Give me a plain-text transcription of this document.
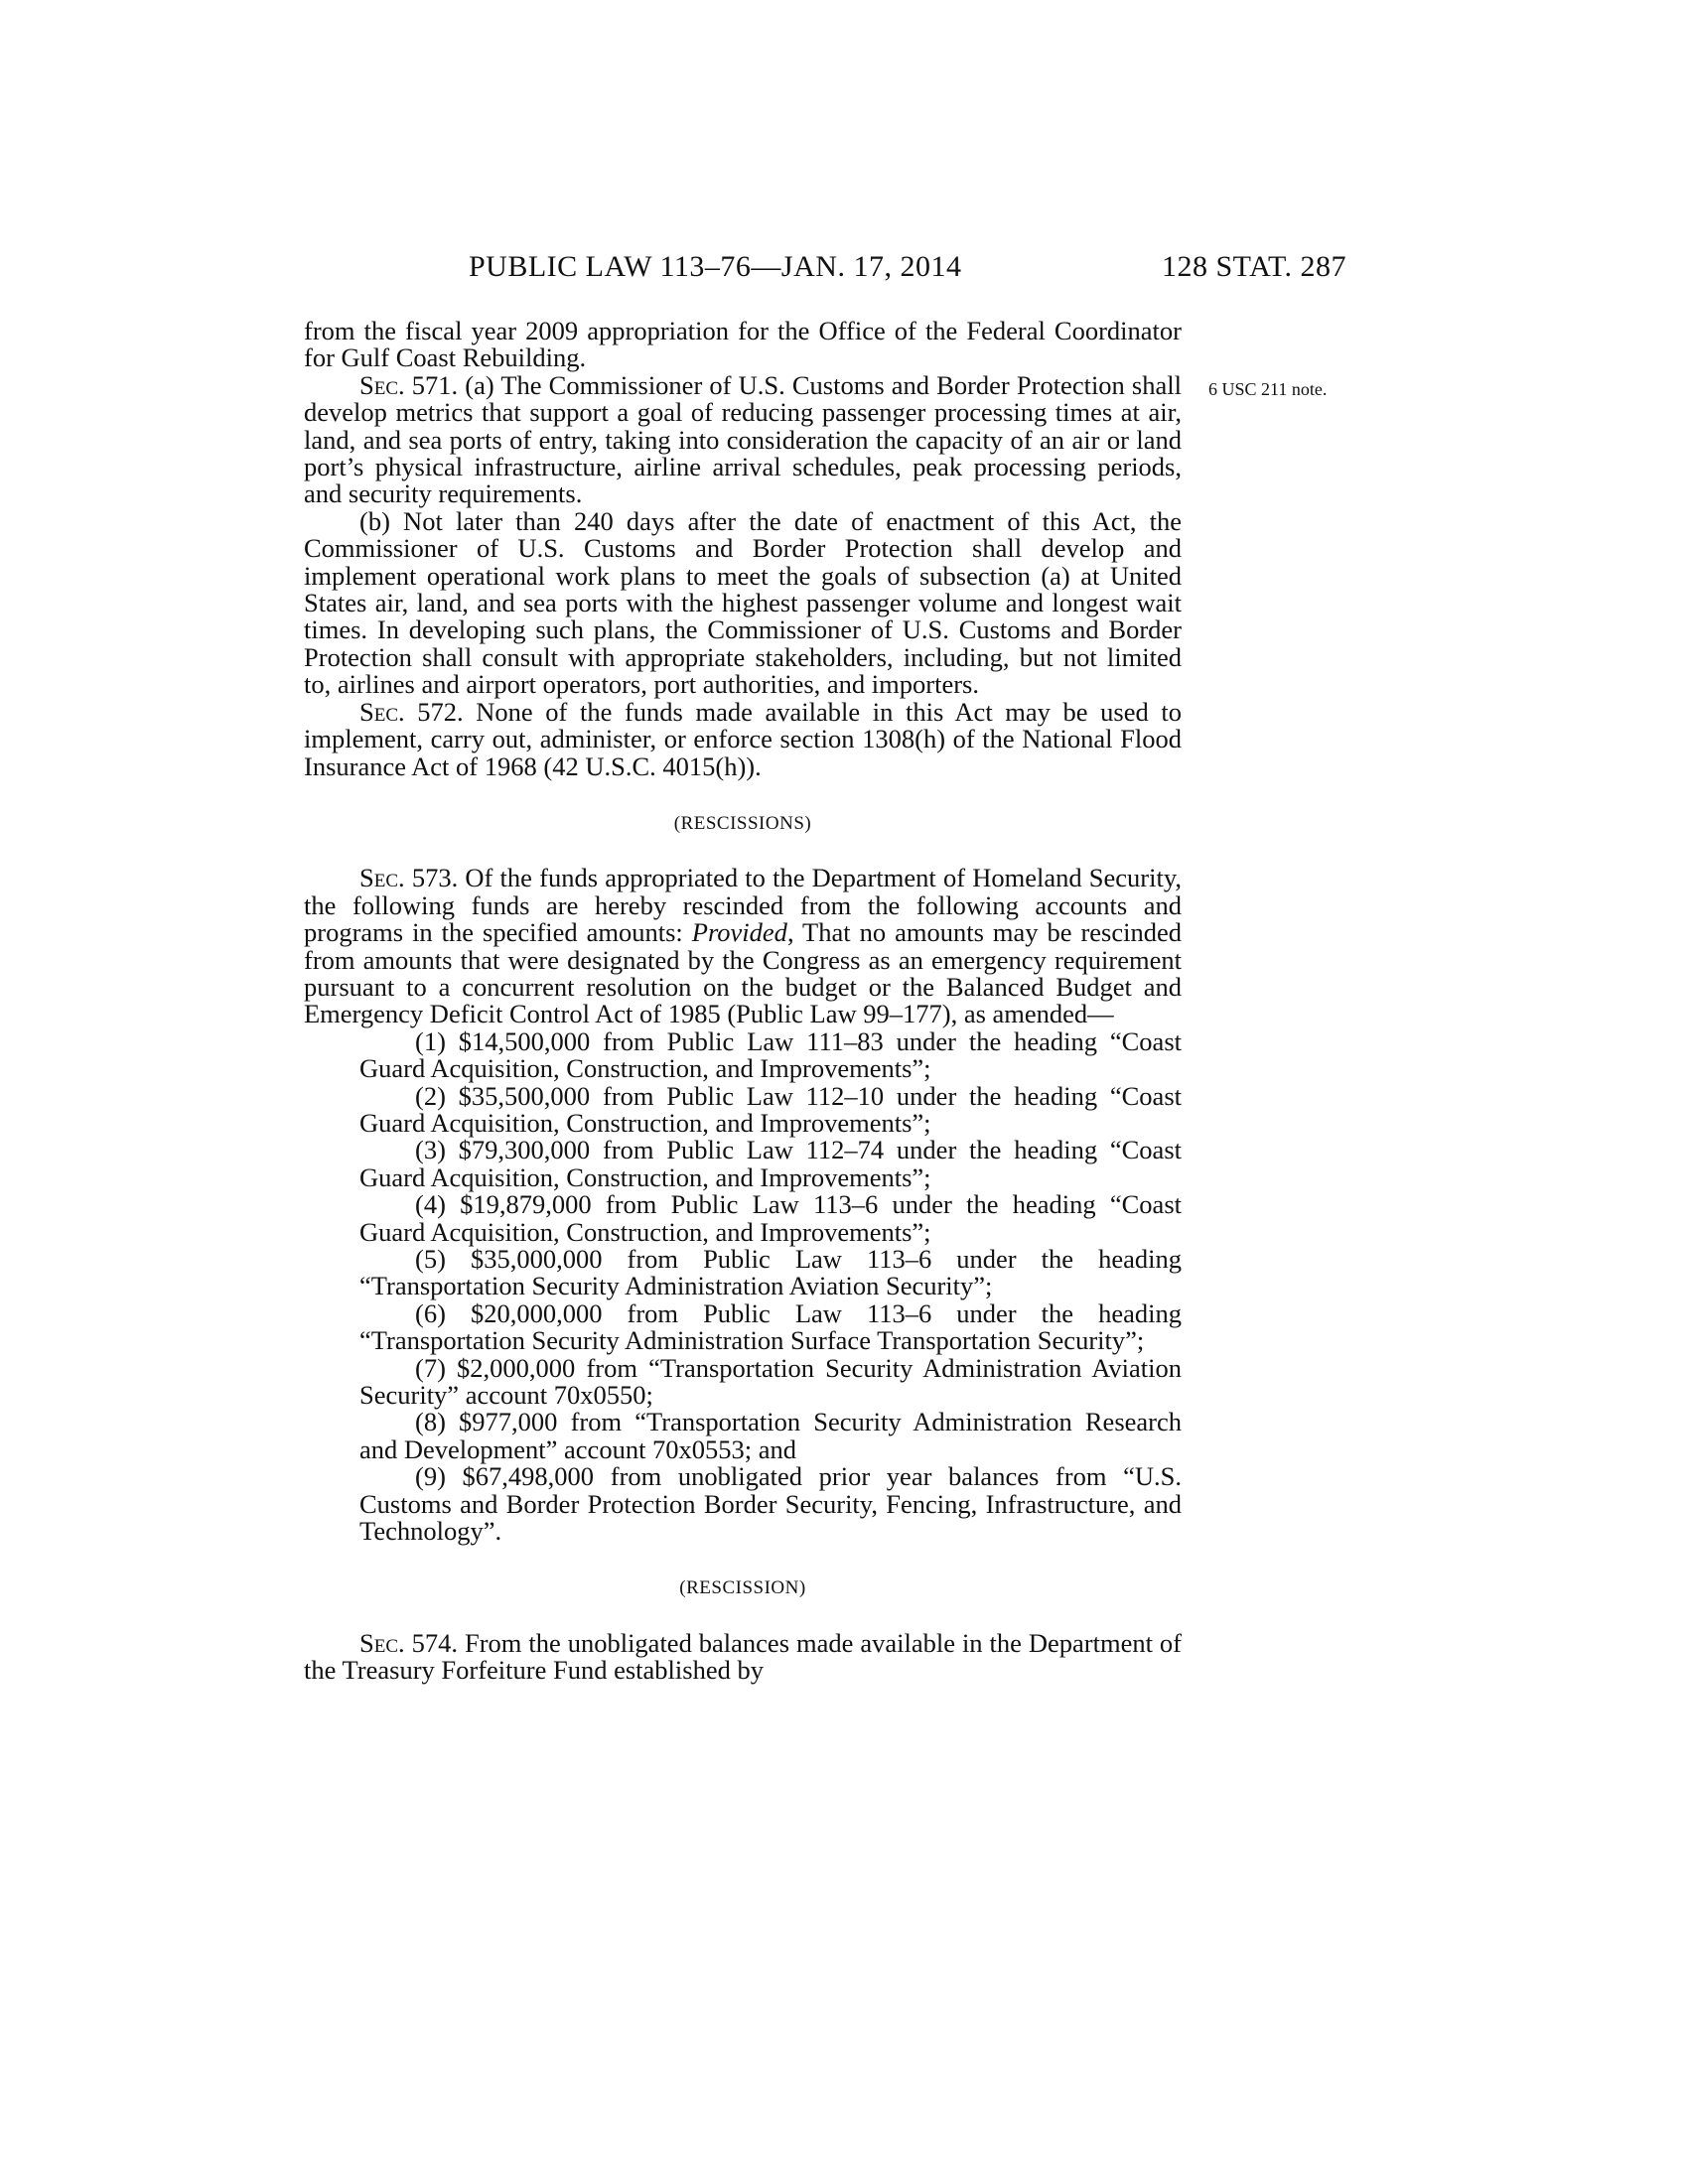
PUBLIC LAW 113–76—JAN. 17, 2014	128 STAT. 287
6 USC 211 note.

from the fiscal year 2009 appropriation for the Office of the Federal Coordinator for Gulf Coast Rebuilding.

Sec. 571. (a) The Commissioner of U.S. Customs and Border Protection shall develop metrics that support a goal of reducing passenger processing times at air, land, and sea ports of entry, taking into consideration the capacity of an air or land port’s physical infrastructure, airline arrival schedules, peak processing periods, and security requirements.

(b) Not later than 240 days after the date of enactment of this Act, the Commissioner of U.S. Customs and Border Protection shall develop and implement operational work plans to meet the goals of subsection (a) at United States air, land, and sea ports with the highest passenger volume and longest wait times. In developing such plans, the Commissioner of U.S. Customs and Border Protection shall consult with appropriate stakeholders, including, but not limited to, airlines and airport operators, port authorities, and importers.

Sec. 572. None of the funds made available in this Act may be used to implement, carry out, administer, or enforce section 1308(h) of the National Flood Insurance Act of 1968 (42 U.S.C. 4015(h)).

(RESCISSIONS)

Sec. 573. Of the funds appropriated to the Department of Homeland Security, the following funds are hereby rescinded from the following accounts and programs in the specified amounts: Provided, That no amounts may be rescinded from amounts that were designated by the Congress as an emergency requirement pursuant to a concurrent resolution on the budget or the Balanced Budget and Emergency Deficit Control Act of 1985 (Public Law 99–177), as amended—

(1) $14,500,000 from Public Law 111–83 under the heading “Coast Guard Acquisition, Construction, and Improvements”;

(2) $35,500,000 from Public Law 112–10 under the heading “Coast Guard Acquisition, Construction, and Improvements”;

(3) $79,300,000 from Public Law 112–74 under the heading “Coast Guard Acquisition, Construction, and Improvements”;

(4) $19,879,000 from Public Law 113–6 under the heading “Coast Guard Acquisition, Construction, and Improvements”;

(5) $35,000,000 from Public Law 113–6 under the heading “Transportation Security Administration Aviation Security”;

(6) $20,000,000 from Public Law 113–6 under the heading “Transportation Security Administration Surface Transportation Security”;

(7) $2,000,000 from “Transportation Security Administration Aviation Security” account 70x0550;

(8) $977,000 from “Transportation Security Administration Research and Development” account 70x0553; and

(9) $67,498,000 from unobligated prior year balances from “U.S. Customs and Border Protection Border Security, Fencing, Infrastructure, and Technology”.

(RESCISSION)

Sec. 574. From the unobligated balances made available in the Department of the Treasury Forfeiture Fund established by
